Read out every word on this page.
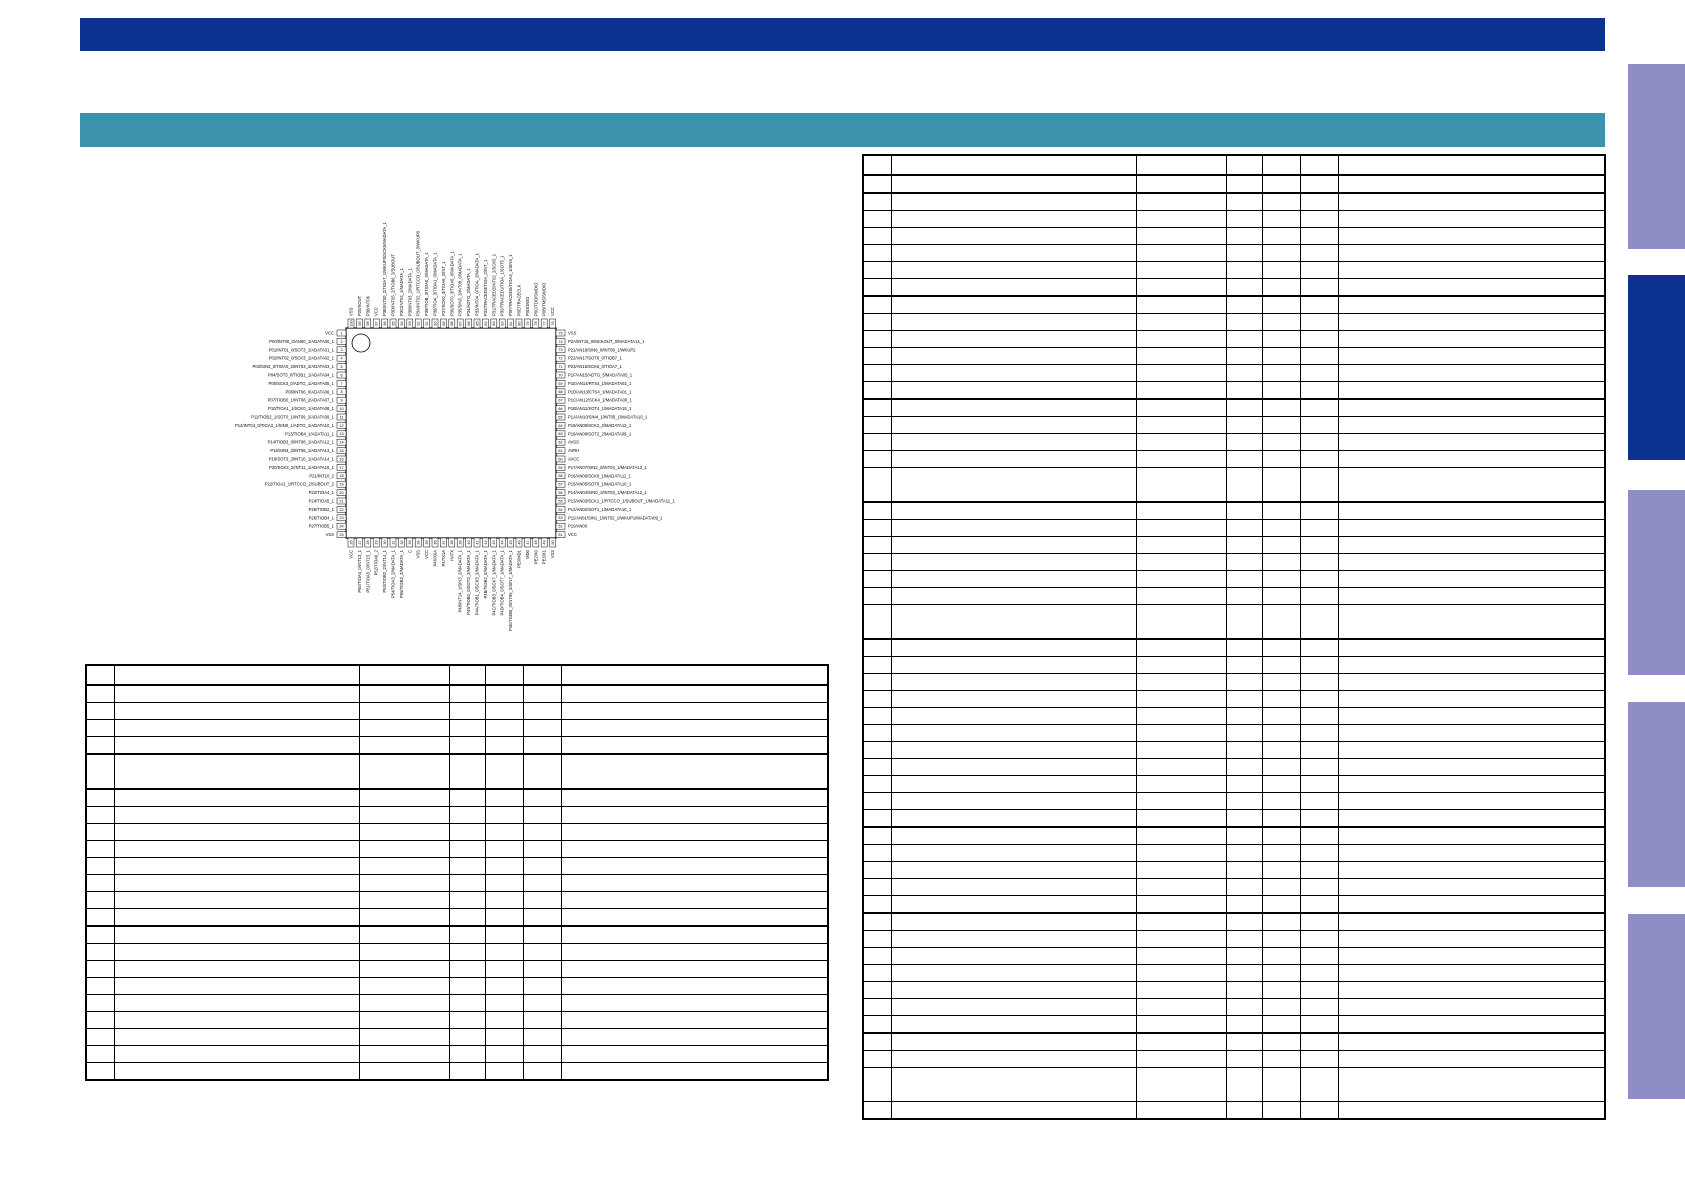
1
VCC
2
P00/INT00_0/AN00_1/ADATA00_1
3
P01/INT01_0/SOT3_1/ADATA01_1
4
P02/INT02_0/SCK3_1/ADATA02_1
5
P03/SIN3_0/TIOA0_2/INT03_2/ADATA03_1
6
P04/SOT3_0/TIOB1_1/ADATA04_1
7
P05/SCK3_0/ADTG_1/ADATA05_1
8
P06/INT06_0/ADATA06_1
9
P07/TIOB0_1/INT08_2/ADATA07_1
10
P10/TIOA1_1/SCK0_1/ADATA08_1
11
P11/TIOB2_1/SOT0_1/INT09_2/ADATA09_1
12
P12/INT04_0/TIOA3_1/SIN0_1/ADTG_1/ADATA10_1
13
P13/TIOB4_1/ADATA11_1
14
P14/TIOB3_0/INT08_1/ADATA12_1
15
P15/SIN3_2/INT06_1/ADATA13_1
16
P16/SOT3_2/INT10_1/ADATA14_1
17
P20/SCK3_2/INT11_1/ADATA15_1
18
P21/INT10_2
19
P22/TIOA2_1/RTCCO_2/SUBOUT_2
20
P23/TIOA4_1
21
P24/TIOA5_1
22
P25/TIOB2_1
23
P26/TIOB4_1
24
P27/TIOB5_1
25
VSS
75 VSS
74 P2A/INT15_0/MCKOUT_0/MADATA14_1
73 P21/AN18/SIN6_0/INT06_1/WKUP2
72 P22/AN17/SOT6_0/TIOB7_1
71 P23/AN16/SCK6_0/TIOA7_1
70 P1F/AN15/ADTG_5/MADATA05_1
69 P1E/AN14/RTS4_1/MADATA02_1
68 P1D/AN13/CTS4_1/MADATA01_1
67 P1C/AN12/SCK4_1/MADATA00_1
66 P1B/AN11/SOT4_1/MADATA15_1
65 P1A/AN10/SIN4_1/INT05_1/MADATA10_1
64 P19/AN09/SCK2_2/MADATA12_1
63 P18/AN08/SOT2_2/MADATA09_1
62 AVSS
61 AVRH
60 AVCC
59 P17/AN07/SIN2_2/INT04_1/MADATA13_1
58 P16/AN06/SCK0_1/MADATA11_1
57 P15/AN05/SOT0_1/MADATA10_1
56 P14/AN04/SIN0_1/INT03_1/MADATA12_1
55 P13/AN03/SCK1_1/RTCCO_1/SUBOUT_1/MADATA11_1
54 P12/AN02/SOT1_1/MADATA10_1
53 P11/AN01/SIN1_1/INT02_1/WKUP1/MADATA09_1
52 P10/AN00
51 VCC
100
VSS
99
P20/XOUT
98
P38/INT06
97
VCC
96
P3E/INT00_2/TIOA7_1/WKUP3/SCK5/MADATA_1
95
P3D/INT05_2/TIOB6_2/SUBOUT
94
P3C/INT04_1/MADATA_1
93
P3B/INT03_2/MADATA_1
92
P3A/INT02_1/RTCCO_0/SUBOUT_0/WKUP0
91
P39/TIOB_3/TIOA0_0/MADATA_1
90
P38/TIOA_3/TIOA1_0/MADATA_1
89
P37/SCK0_3/TIOA6_2/INT_1
88
P36/SOT0_3/TIOA5_0/MADATA_1
87
P35/SIN0_3/INT08_0/MADATA_1
86
P34/ADTG_2/MADATA_1
85
P33/INT04_0/TIOA_2/MADATA_1
84
P32/TRACED3/TIOA_2/INT_1
83
P31/TRACED2/INT02_2/SCK5_1
82
P30/TRACED1/TIOA_1/SOT5_1
81
P0F/TRACED0/TIOA4_1/SIN5_1
80
P0E/TRACECLK
79
P0D/SWO
78
P0C/TDO/SWDIO
77
P0B/TMS/SWDIO
76
VCC
26
VCC
27
P50/TIOA4_0/INT13_1
28
P51/TIOA5_0/INT15_1
29
P52/TIOA6_2
30
P53/TIOB2_2/INT14_1
31
P54/TIOA3_2/MADATA_1
32
P55/TIOB3_2/MADATA_1
33
C
34
VSS
35
VCC
36
P46/X0A
37
P47/X1A
38
INITX
39
P48/INT14_1/SIN3_2/MADATA_1
40
P49/TIOB0_0/SOT3_2/MADATA_1
41
P4A/TIOB1_0/SCK3_2/MADATA_1
42
P4B/TIOB2_0/MADATA_1
43
P4C/TIOB3_0/SCK7_1/MADATA_1
44
P4D/TIOB4_0/SOT7_1/MADATA_1
45
P4E/TIOB5_0/INT06_2/SIN7_1/MADATA_1
46
PE0/MD1
47
MD0
48
PE2/X0
49
PE3/X1
50
VSS
